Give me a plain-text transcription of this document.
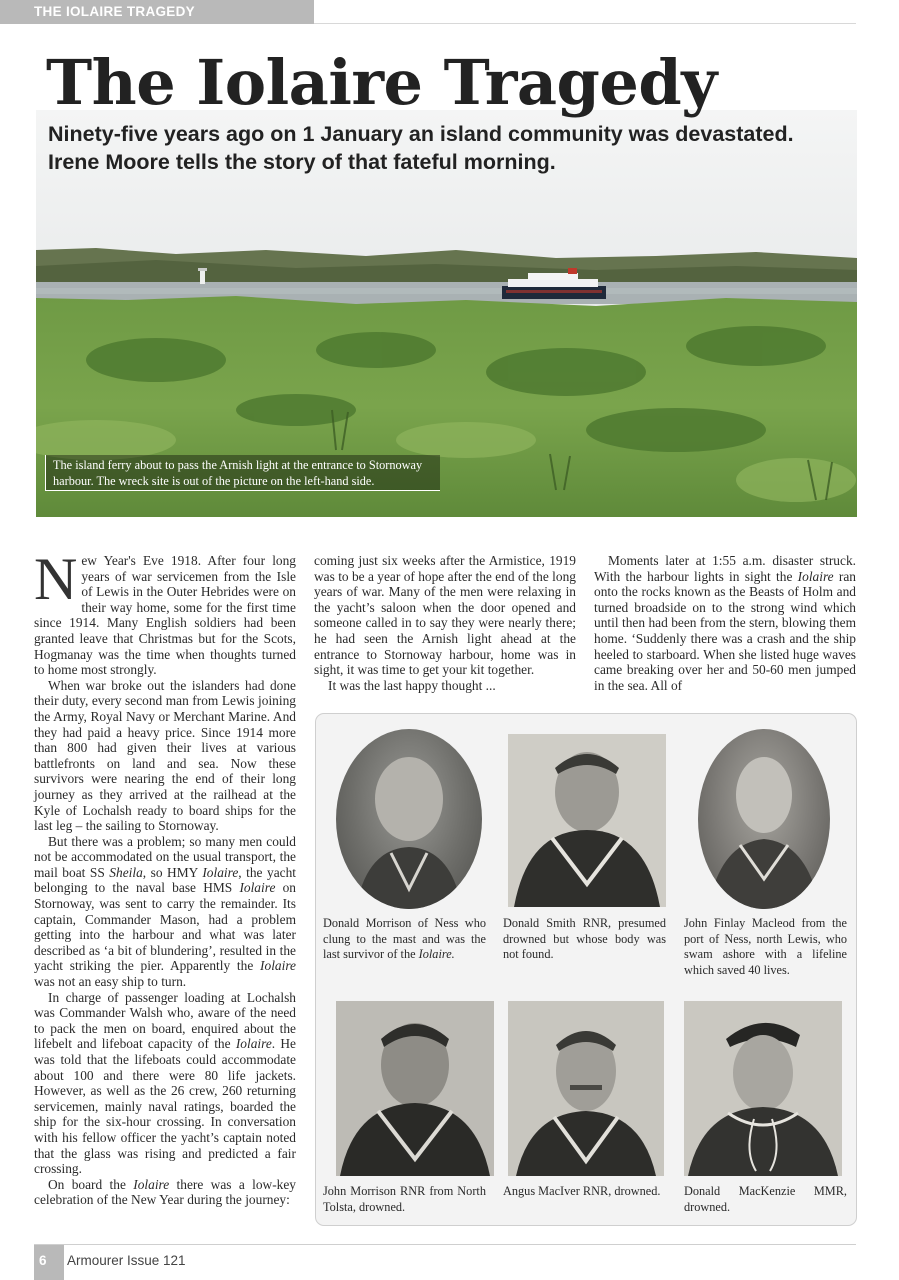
THE IOLAIRE TRAGEDY
The Iolaire Tragedy
Ninety-five years ago on 1 January an island community was devastated.
Irene Moore tells the story of that fateful morning.
The island ferry about to pass the Arnish light at the entrance to Stornoway
harbour. The wreck site is out of the picture on the left-hand side.

New Year's Eve 1918. After four long years of war servicemen from the Isle of Lewis in the Outer Hebrides were on their way home, some for the first time since 1914. Many English soldiers had been granted leave that Christmas but for the Scots, Hogmanay was the time when thoughts turned to home most strongly.

When war broke out the islanders had done their duty, every second man from Lewis joining the Army, Royal Navy or Merchant Marine. And they had paid a heavy price. Since 1914 more than 800 had given their lives at various battlefronts on land and sea. Now these survivors were nearing the end of their long journey as they arrived at the railhead at the Kyle of Lochalsh ready to board ships for the last leg – the sailing to Stornoway.

But there was a problem; so many men could not be accommodated on the usual transport, the mail boat SS Sheila, so HMY Iolaire, the yacht belonging to the naval base HMS Iolaire on Stornoway, was sent to carry the remainder. Its captain, Commander Mason, had a problem getting into the harbour and what was later described as ‘a bit of blundering’, resulted in the yacht striking the pier. Apparently the Iolaire was not an easy ship to turn.

In charge of passenger loading at Lochalsh was Commander Walsh who, aware of the need to pack the men on board, enquired about the lifebelt and lifeboat capacity of the Iolaire. He was told that the lifeboats could accommodate about 100 and there were 80 life jackets. However, as well as the 26 crew, 260 returning servicemen, mainly naval ratings, boarded the ship for the six-hour crossing. In conversation with his fellow officer the yacht’s captain noted that the glass was rising and predicted a fair crossing.

On board the Iolaire there was a low-key celebration of the New Year during the journey:

coming just six weeks after the Armistice, 1919 was to be a year of hope after the end of the long years of war. Many of the men were relaxing in the yacht’s saloon when the door opened and someone called in to say they were nearly there; he had seen the Arnish light ahead at the entrance to Stornoway harbour, home was in sight, it was time to get your kit together.

It was the last happy thought ...

Moments later at 1:55 a.m. disaster struck. With the harbour lights in sight the Iolaire ran onto the rocks known as the Beasts of Holm and turned broadside on to the strong wind which until then had been from the stern, blowing them home. ‘Suddenly there was a crash and the ship heeled to starboard. When she listed huge waves came breaking over her and 50-60 men jumped in the sea. All of

Donald Morrison of Ness who clung to the mast and was the last survivor of the Iolaire.
Donald Smith RNR, presumed drowned but whose body was not found.
John Finlay Macleod from the port of Ness, north Lewis, who swam ashore with a lifeline which saved 40 lives.
John Morrison RNR from North Tolsta, drowned.
Angus MacIver RNR, drowned.	Donald MacKenzie MMR, drowned.
6 Armourer Issue 121
